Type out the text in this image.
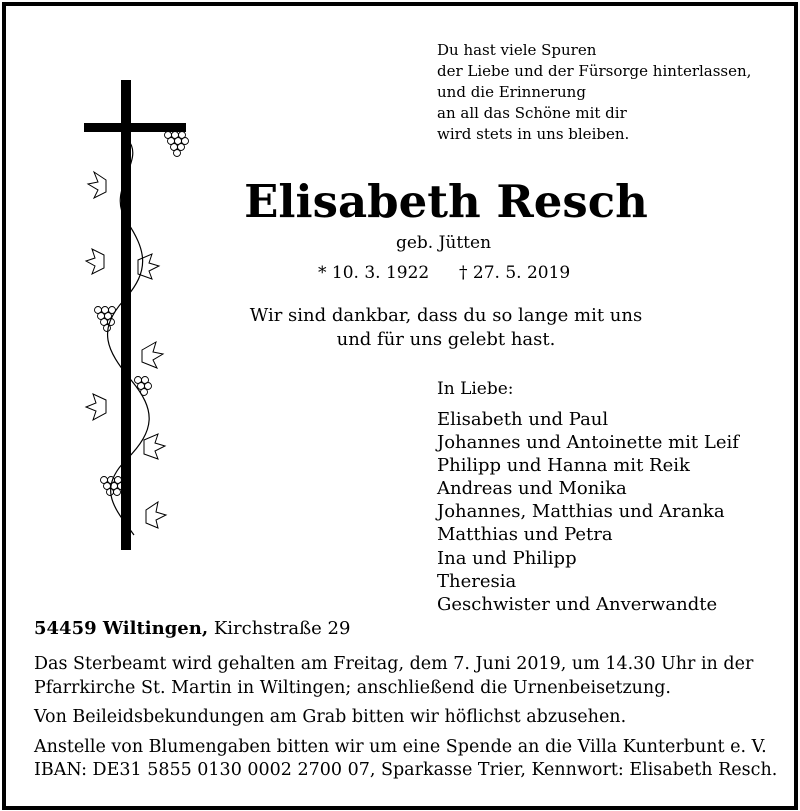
Du hast viele Spuren
der Liebe und der Fürsorge hinterlassen,
und die Erinnerung
an all das Schöne mit dir
wird stets in uns bleiben.
Elisabeth Resch
geb. Jütten
* 10. 3. 1922 † 27. 5. 2019
Wir sind dankbar, dass du so lange mit uns
und für uns gelebt hast.
In Liebe:
Elisabeth und Paul
Johannes und Antoinette mit Leif
Philipp und Hanna mit Reik
Andreas und Monika
Johannes, Matthias und Aranka
Matthias und Petra
Ina und Philipp
Theresia
Geschwister und Anverwandte
54459 Wiltingen, Kirchstraße 29
Das Sterbeamt wird gehalten am Freitag, dem 7. Juni 2019, um 14.30 Uhr in der
Pfarrkirche St. Martin in Wiltingen; anschließend die Urnenbeisetzung.
Von Beileidsbekundungen am Grab bitten wir höflichst abzusehen.
Anstelle von Blumengaben bitten wir um eine Spende an die Villa Kunterbunt e. V.
IBAN: DE31 5855 0130 0002 2700 07, Sparkasse Trier, Kennwort: Elisabeth Resch.
